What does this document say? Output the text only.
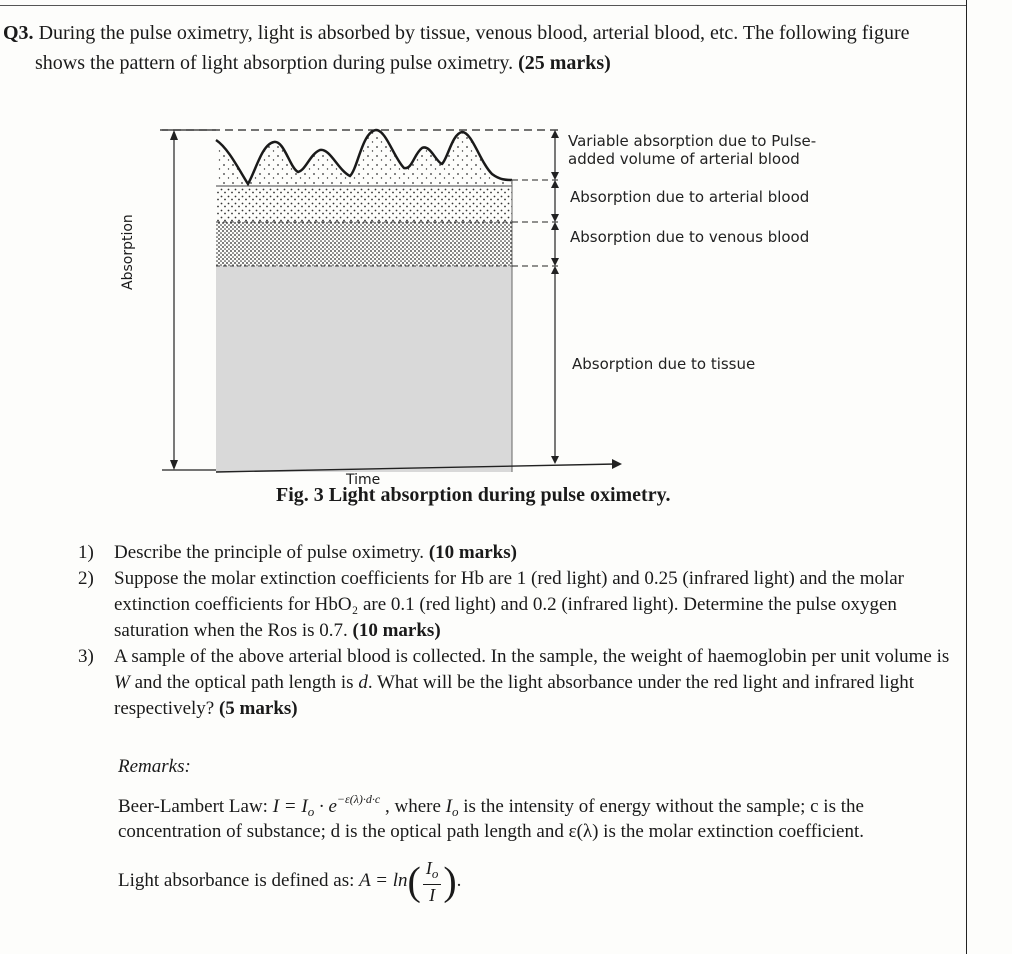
Q3. During the pulse oximetry, light is absorbed by tissue, venous blood, arterial blood, etc. The following figure
shows the pattern of light absorption during pulse oximetry. (25 marks)
Variable absorption due to Pulse-
added volume of arterial blood
Absorption due to arterial blood
Absorption due to venous blood
Absorption due to tissue
Absorption
Time
Fig. 3 Light absorption during pulse oximetry.
1)	Describe the principle of pulse oximetry. (10 marks)
2)	Suppose the molar extinction coefficients for Hb are 1 (red light) and 0.25 (infrared light) and the molar extinction coefficients for HbO₂ are 0.1 (red light) and 0.2 (infrared light). Determine the pulse oxygen saturation when the Ros is 0.7. (10 marks)
3)	A sample of the above arterial blood is collected. In the sample, the weight of haemoglobin per unit volume is W and the optical path length is d. What will be the light absorbance under the red light and infrared light respectively? (5 marks)
Remarks:
Beer-Lambert Law: $I = I_o \cdot e^{-\varepsilon(\lambda)\cdot d\cdot c}$ , where $I_o$ is the intensity of energy without the sample; c is the
concentration of substance; d is the optical path length and ε(λ) is the molar extinction coefficient.
Light absorbance is defined as: $A = \ln( \frac{I_o}{I}$ ).
